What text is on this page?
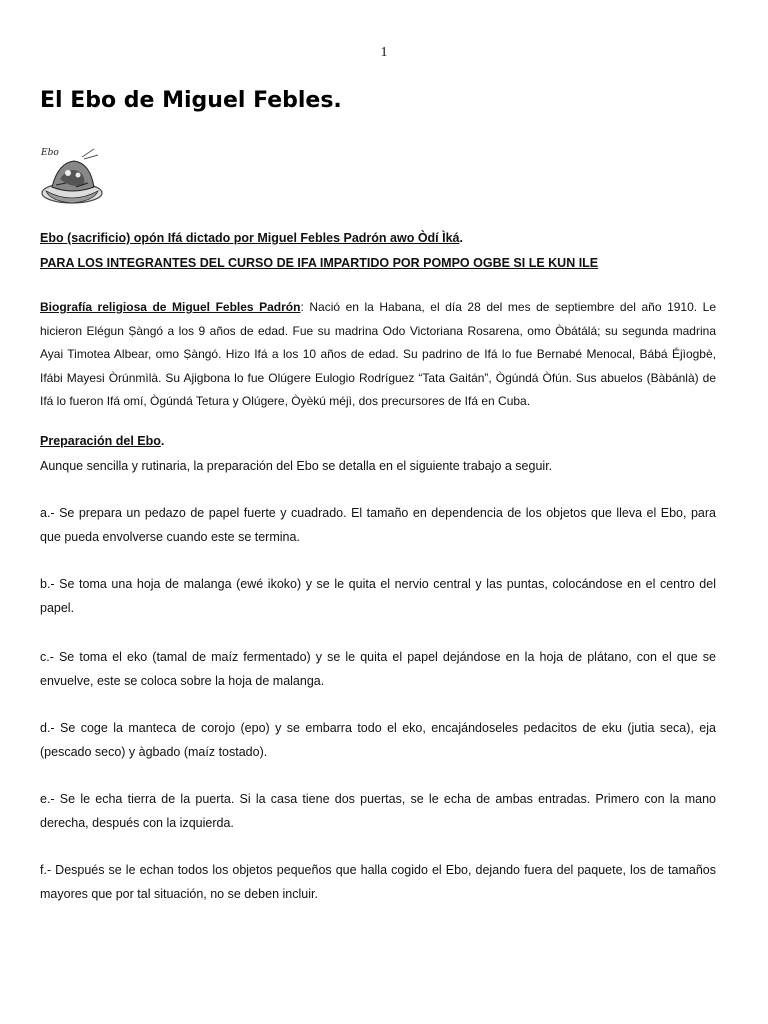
1
El Ebo de Miguel Febles.
Ebo
Ebo (sacrificio) opón Ifá dictado por Miguel Febles Padrón awo Òdí Ìká.
PARA LOS INTEGRANTES DEL CURSO DE IFA IMPARTIDO POR POMPO OGBE SI LE KUN ILE
Biografía religiosa de Miguel Febles Padrón: Nació en la Habana, el día 28 del mes de septiembre del año 1910. Le hicieron Elégun Ṣàngó a los 9 años de edad. Fue su madrina Odo Victoriana Rosarena, omo Òbátálá; su segunda madrina Ayai Timotea Albear, omo Ṣàngó. Hizo Ifá a los 10 años de edad. Su padrino de Ifá lo fue Bernabé Menocal, Bábá Éjìogbè, Ifábi Mayesi Òrúnmìlà. Su Ajigbona lo fue Olúgere Eulogio Rodríguez “Tata Gaitán”, Ògúndá Òfún. Sus abuelos (Bàbánlà) de Ifá lo fueron Ifá omí, Ògúndá Tetura y Olúgere, Òyèkú méjì, dos precursores de Ifá en Cuba.
Preparación del Ebo.

Aunque sencilla y rutinaria, la preparación del Ebo se detalla en el siguiente trabajo a seguir.

a.- Se prepara un pedazo de papel fuerte y cuadrado. El tamaño en dependencia de los objetos que lleva el Ebo, para que pueda envolverse cuando este se termina.

b.- Se toma una hoja de malanga (ewé ikoko) y se le quita el nervio central y las puntas, colocándose en el centro del papel.

c.- Se toma el eko (tamal de maíz fermentado) y se le quita el papel dejándose en la hoja de plátano, con el que se envuelve, este se coloca sobre la hoja de malanga.

d.- Se coge la manteca de corojo (epo) y se embarra todo el eko, encajándoseles pedacitos de eku (jutia seca), eja (pescado seco) y àgbado (maíz tostado).

e.- Se le echa tierra de la puerta. Si la casa tiene dos puertas, se le echa de ambas entradas. Primero con la mano derecha, después con la izquierda.

f.- Después se le echan todos los objetos pequeños que halla cogido el Ebo, dejando fuera del paquete, los de tamaños mayores que por tal situación, no se deben incluir.
